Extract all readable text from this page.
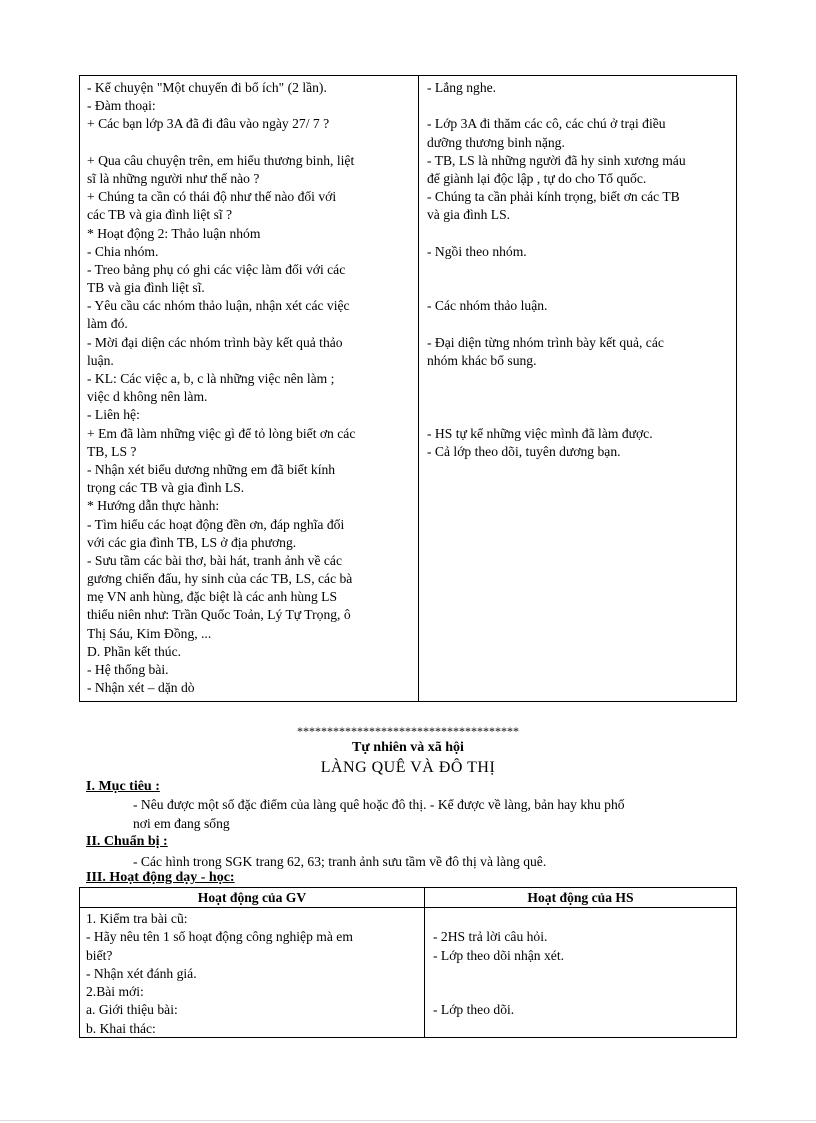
- Kể chuyện "Một chuyến đi bổ ích" (2 lần).
- Đàm thoại:
+ Các bạn lớp 3A đã đi đâu vào ngày 27/ 7 ?
+ Qua câu chuyện trên, em hiểu thương binh, liệt
sĩ là những người như thế nào ?
+ Chúng ta cần có thái độ như thế nào đối với
các TB và gia đình liệt sĩ ?
* Hoạt động 2: Thảo luận nhóm
- Chia nhóm.
- Treo bảng phụ có ghi các việc làm đối với các
TB và gia đình liệt sĩ.
- Yêu cầu các nhóm thảo luận, nhận xét các việc
làm đó.
- Mời đại diện các nhóm trình bày kết quả thảo
luận.
- KL: Các việc a, b, c là những việc nên làm ;
việc d không nên làm.
- Liên hệ:
+ Em đã làm những việc gì để tỏ lòng biết ơn các
TB, LS ?
- Nhận xét biểu dương những em đã biết kính
trọng các TB và gia đình LS.
* Hướng dẫn thực hành:
- Tìm hiểu các hoạt động đền ơn, đáp nghĩa đối
với các gia đình TB, LS ở địa phương.
- Sưu tầm các bài thơ, bài hát, tranh ảnh về các
gương chiến đấu, hy sinh của các TB, LS, các bà
mẹ VN anh hùng, đặc biệt là các anh hùng LS
thiếu niên như: Trần Quốc Toản, Lý Tự Trọng, ô
Thị Sáu, Kim Đồng, ...
D. Phần kết thúc.
- Hệ thống bài.
- Nhận xét – dặn dò
- Lắng nghe.
- Lớp 3A đi thăm các cô, các chú ở trại điều
dưỡng thương binh nặng.
- TB, LS là những người đã hy sinh xương máu
để giành lại độc lập , tự do cho Tổ quốc.
- Chúng ta cần phải kính trọng, biết ơn các TB
và gia đình LS.
- Ngồi theo nhóm.
- Các nhóm thảo luận.
- Đại diện từng nhóm trình bày kết quả, các
nhóm khác bổ sung.
- HS tự kể những việc mình đã làm được.
- Cả lớp theo dõi, tuyên dương bạn.
*************************************
Tự nhiên và xã hội
LÀNG QUÊ VÀ ĐÔ THỊ
I. Mục tiêu :
- Nêu được một số đặc điểm của làng quê hoặc đô thị. - Kể được về làng, bản hay khu phố
nơi em đang sống
II. Chuẩn bị :
- Các hình trong SGK trang 62, 63; tranh ảnh sưu tầm về đô thị và làng quê.
III. Hoạt động dạy - học:
Hoạt động của GV	Hoạt động của HS
1. Kiểm tra bài cũ:
- Hãy nêu tên 1 số hoạt động công nghiệp mà em
biết?
- Nhận xét đánh giá.
2.Bài mới:
a. Giới thiệu bài:
b. Khai thác:
- 2HS trả lời câu hỏi.
- Lớp theo dõi nhận xét.
- Lớp theo dõi.
